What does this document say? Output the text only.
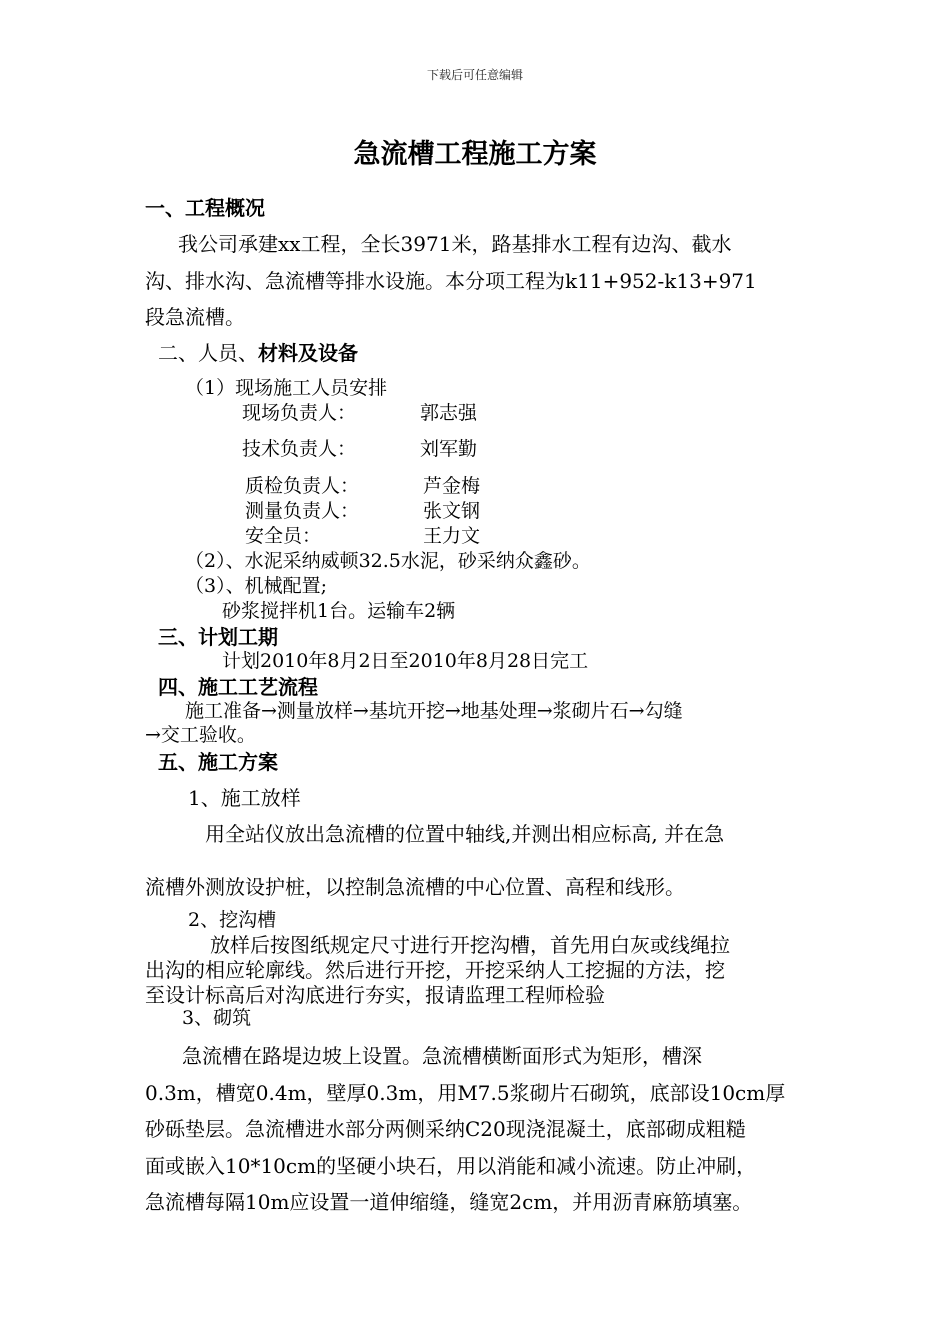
下载后可任意编辑
急流槽工程施工方案
一、工程概况
我公司承建xx工程，全长3971米，路基排水工程有边沟、截水
沟、排水沟、急流槽等排水设施。本分项工程为k11+952-k13+971
段急流槽。
二、人员、材料及设备
（1）现场施工人员安排
现场负责人：	郭志强
技术负责人：	刘军勤
质检负责人：	芦金梅
测量负责人：	张文钢
安全员：	王力文
（2）、水泥采纳威顿32.5水泥，砂采纳众鑫砂。
（3）、机械配置;
砂浆搅拌机1台。运输车2辆
三、计划工期
计划2010年8月2日至2010年8月28日完工
四、施工工艺流程
施工准备→测量放样→基坑开挖→地基处理→浆砌片石→勾缝
→交工验收。
五、施工方案
1、施工放样
用全站仪放出急流槽的位置中轴线,并测出相应标高, 并在急
流槽外测放设护桩，以控制急流槽的中心位置、高程和线形。
2、挖沟槽
放样后按图纸规定尺寸进行开挖沟槽，首先用白灰或线绳拉
出沟的相应轮廓线。然后进行开挖，开挖采纳人工挖掘的方法，挖
至设计标高后对沟底进行夯实，报请监理工程师检验
3、砌筑
急流槽在路堤边坡上设置。急流槽横断面形式为矩形，槽深
0.3m，槽宽0.4m，壁厚0.3m，用M7.5浆砌片石砌筑，底部设10cm厚
砂砾垫层。急流槽进水部分两侧采纳C20现浇混凝土，底部砌成粗糙
面或嵌入10*10cm的坚硬小块石，用以消能和减小流速。防止冲刷，
急流槽每隔10m应设置一道伸缩缝，缝宽2cm，并用沥青麻筋填塞。
